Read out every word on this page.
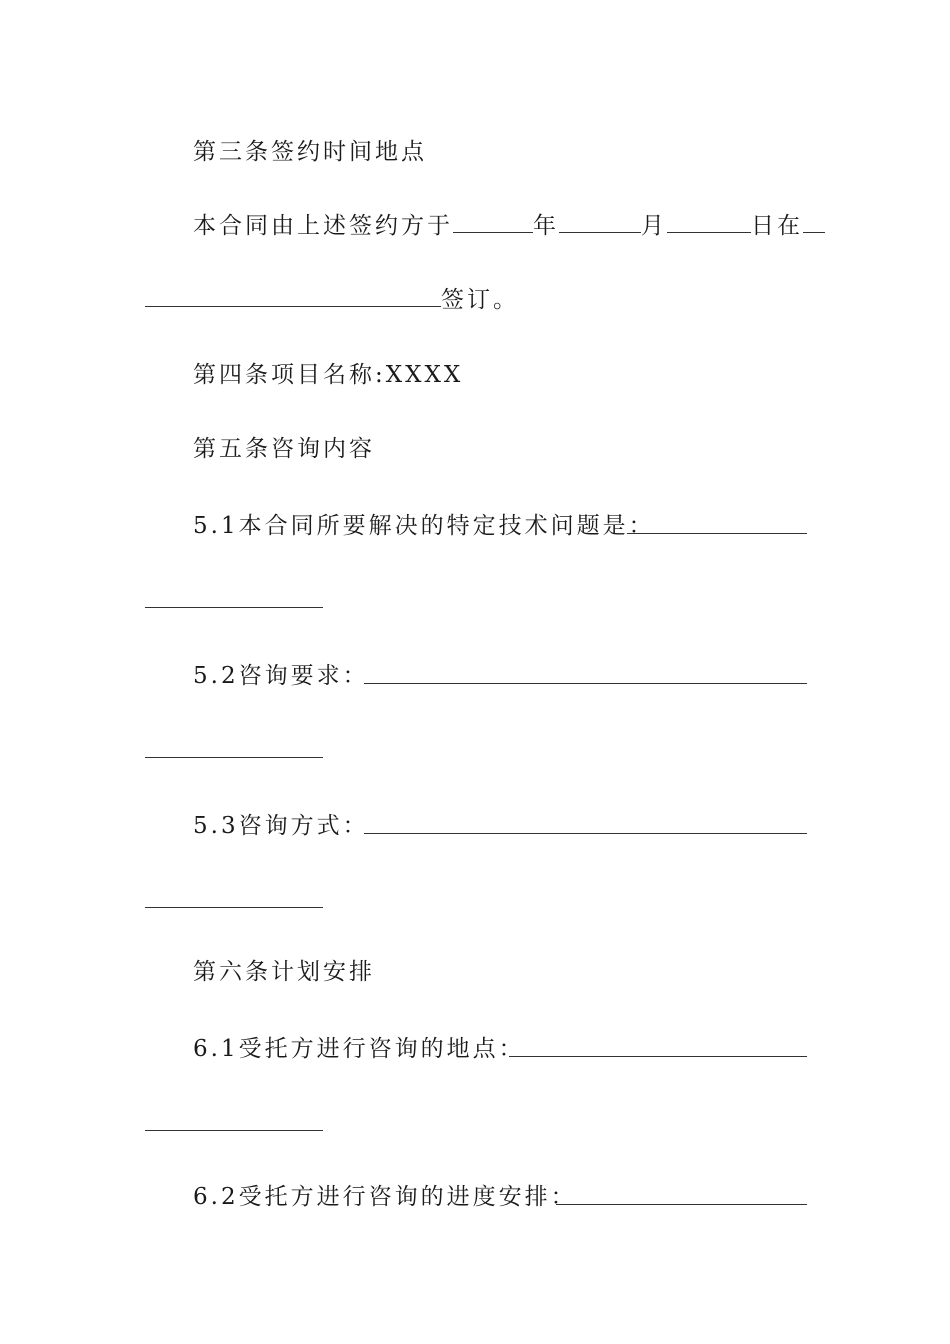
第三条签约时间地点
本合同由上述签约方于	年	月	日在
签订。
第四条项目名称:XXXX
第五条咨询内容
5.1本合同所要解决的特定技术问题是：
5.2咨询要求：
5.3咨询方式：
第六条计划安排
6.1受托方进行咨询的地点：
6.2受托方进行咨询的进度安排：
